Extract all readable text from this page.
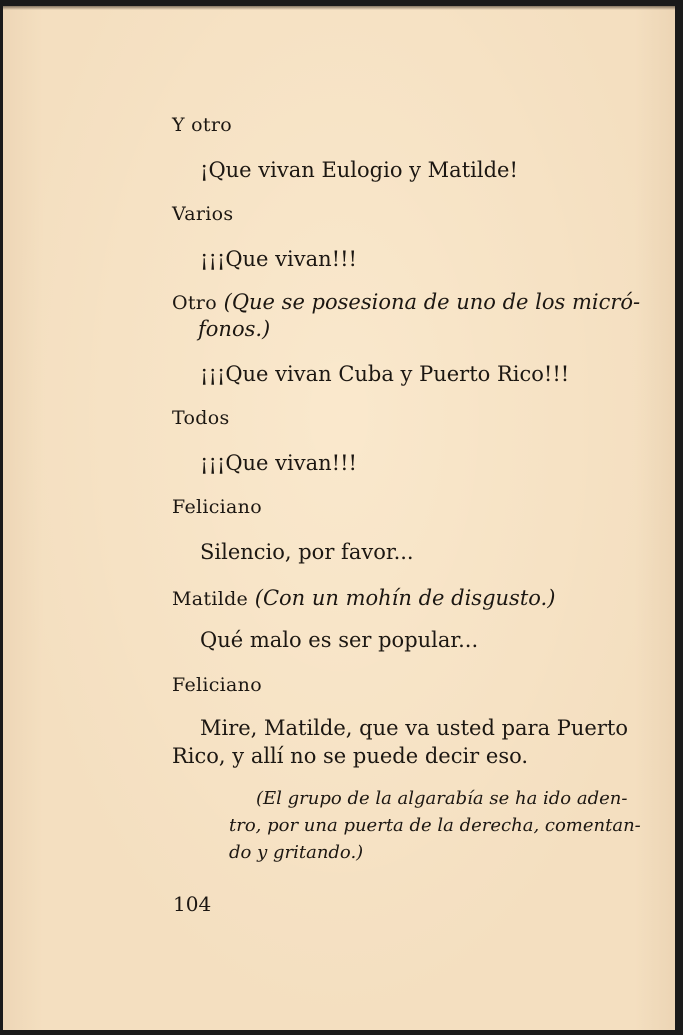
Y otro
¡Que vivan Eulogio y Matilde!
Varios
¡¡¡Que vivan!!!
Otro (Que se posesiona de uno de los micró-
fonos.)
¡¡¡Que vivan Cuba y Puerto Rico!!!
Todos
¡¡¡Que vivan!!!
Feliciano
Silencio, por favor...
Matilde (Con un mohín de disgusto.)
Qué malo es ser popular...
Feliciano
Mire, Matilde, que va usted para Puerto
Rico, y allí no se puede decir eso.
(El grupo de la algarabía se ha ido aden-
tro, por una puerta de la derecha, comentan-
do y gritando.)
104
